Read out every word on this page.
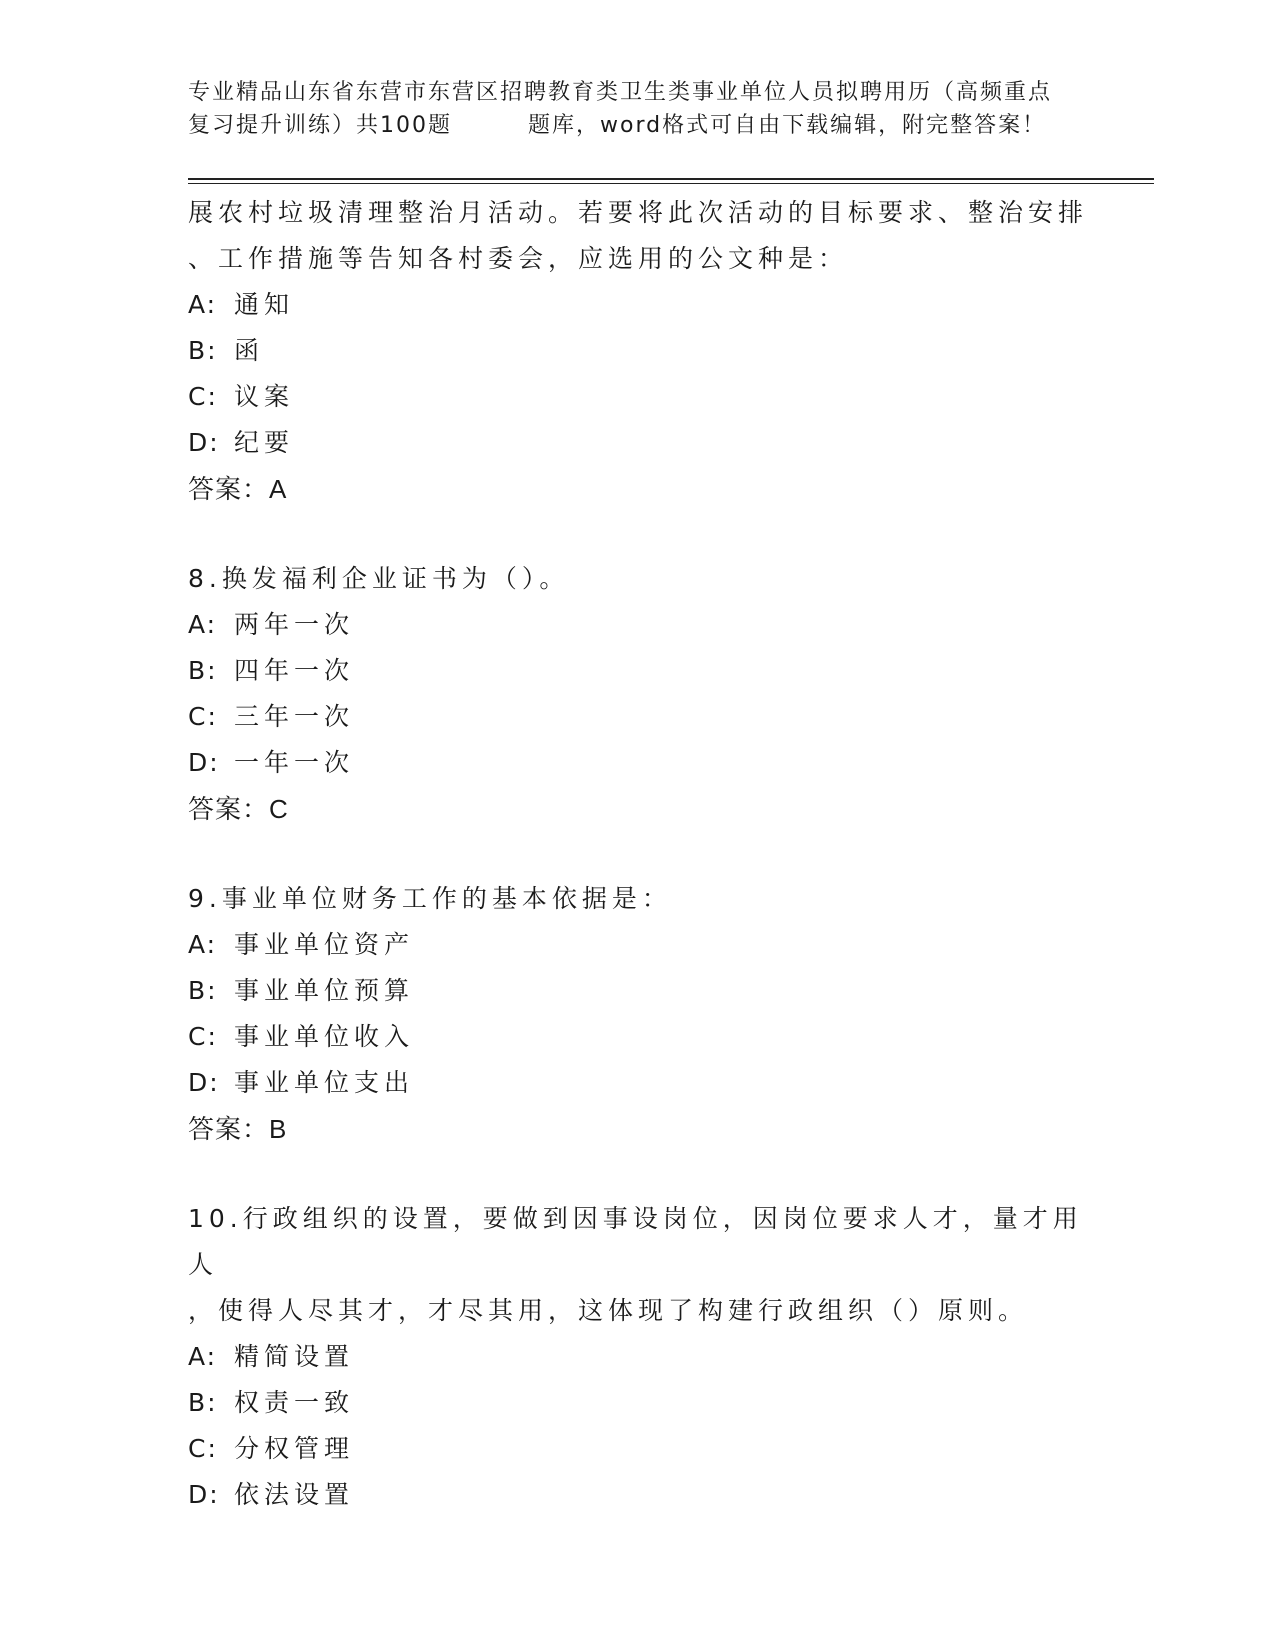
专业精品山东省东营市东营区招聘教育类卫生类事业单位人员拟聘用历（高频重点
复习提升训练）共100题	题库，word格式可自由下载编辑，附完整答案！
展农村垃圾清理整治月活动。若要将此次活动的目标要求、整治安排
、工作措施等告知各村委会，应选用的公文种是：
A: 通知
B: 函
C: 议案
D: 纪要
答案：A
8.换发福利企业证书为（）。
A: 两年一次
B: 四年一次
C: 三年一次
D: 一年一次
答案：C
9.事业单位财务工作的基本依据是：
A: 事业单位资产
B: 事业单位预算
C: 事业单位收入
D: 事业单位支出
答案：B
10.行政组织的设置，要做到因事设岗位，因岗位要求人才，量才用人
，使得人尽其才，才尽其用，这体现了构建行政组织（）原则。
A: 精简设置
B: 权责一致
C: 分权管理
D: 依法设置
